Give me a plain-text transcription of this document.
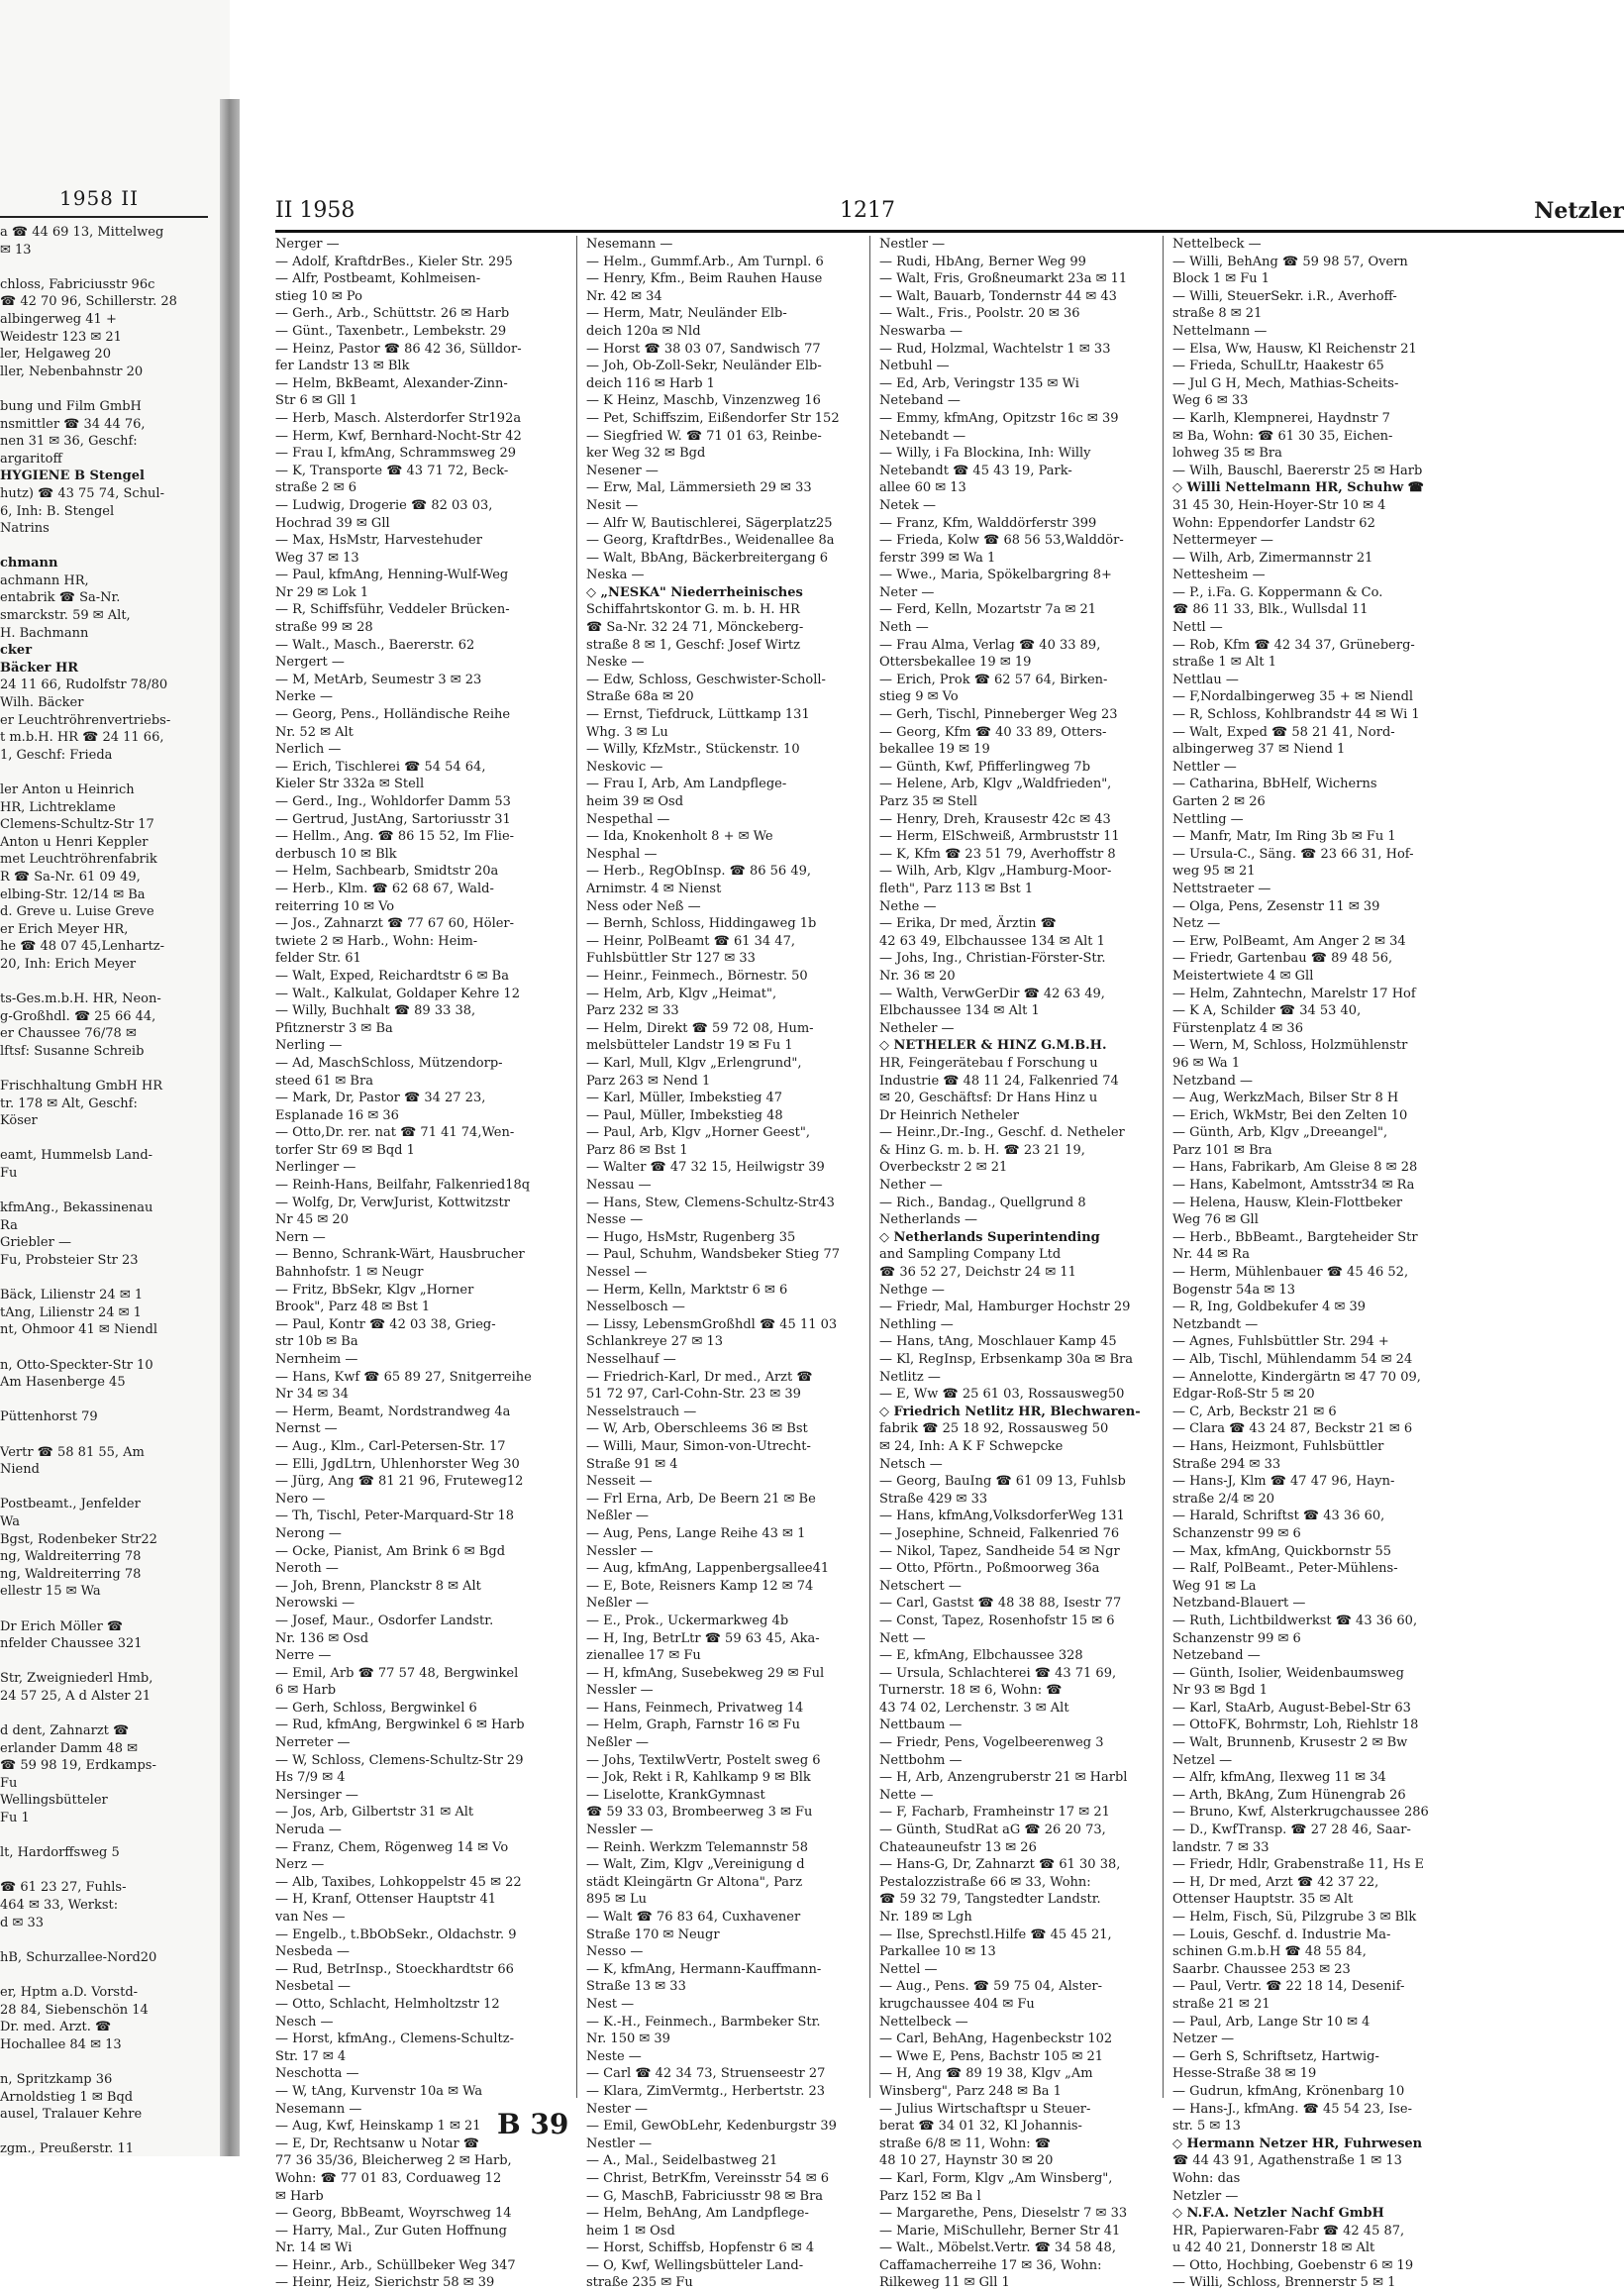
1958 II
a ☎ 44 69 13, Mittelweg
✉ 13

chloss, Fabriciusstr 96c
☎ 42 70 96, Schillerstr. 28
albingerweg 41 +
Weidestr 123 ✉ 21
ler, Helgaweg 20
ller, Nebenbahnstr 20

bung und Film GmbH
nsmittler ☎ 34 44 76,
nen 31 ✉ 36, Geschf:
argaritoff
HYGIENE B Stengel
hutz) ☎ 43 75 74, Schul-
6, Inh: B. Stengel
Natrins

chmann
achmann HR,
entabrik ☎ Sa-Nr.
smarckstr. 59 ✉ Alt,
H. Bachmann
cker
Bäcker HR
24 11 66, Rudolfstr 78/80
Wilh. Bäcker
er Leuchtröhrenvertriebs-
t m.b.H. HR ☎ 24 11 66,
1, Geschf: Frieda

ler Anton u Heinrich
HR, Lichtreklame
Clemens-Schultz-Str 17
Anton u Henri Keppler
met Leuchtröhrenfabrik
R ☎ Sa-Nr. 61 09 49,
elbing-Str. 12/14 ✉ Ba
d. Greve u. Luise Greve
er Erich Meyer HR,
he ☎ 48 07 45,Lenhartz-
20, Inh: Erich Meyer

ts-Ges.m.b.H. HR, Neon-
g-Großhdl. ☎ 25 66 44,
er Chaussee 76/78 ✉
lftsf: Susanne Schreib

Frischhaltung GmbH HR
tr. 178 ✉ Alt, Geschf:
Köser

eamt, Hummelsb Land-
Fu

kfmAng., Bekassinenau
Ra
Griebler —
Fu, Probsteier Str 23

Bäck, Lilienstr 24 ✉ 1
tAng, Lilienstr 24 ✉ 1
nt, Ohmoor 41 ✉ Niendl

n, Otto-Speckter-Str 10
Am Hasenberge 45

Püttenhorst 79

Vertr ☎ 58 81 55, Am
Niend

Postbeamt., Jenfelder
Wa
Bgst, Rodenbeker Str22
ng, Waldreiterring 78
ng, Waldreiterring 78
ellestr 15 ✉ Wa

Dr Erich Möller ☎
nfelder Chaussee 321

Str, Zweigniederl Hmb,
24 57 25, A d Alster 21

d dent, Zahnarzt ☎
erlander Damm 48 ✉
☎ 59 98 19, Erdkamps-
Fu
Wellingsbütteler
Fu 1

lt, Hardorffsweg 5

☎ 61 23 27, Fuhls-
464 ✉ 33, Werkst:
d ✉ 33

hB, Schurzallee-Nord20

er, Hptm a.D. Vorstd-
28 84, Siebenschön 14
Dr. med. Arzt. ☎
Hochallee 84 ✉ 13

n, Spritzkamp 36
Arnoldstieg 1 ✉ Bqd
ausel, Tralauer Kehre

zgm., Preußerstr. 11
II 1958	1217	Netzler
Nerger —
— Adolf, KraftdrBes., Kieler Str. 295
— Alfr, Postbeamt, Kohlmeisen-
stieg 10 ✉ Po
— Gerh., Arb., Schüttstr. 26 ✉ Harb
— Günt., Taxenbetr., Lembekstr. 29
— Heinz, Pastor ☎ 86 42 36, Sülldor-
fer Landstr 13 ✉ Blk
— Helm, BkBeamt, Alexander-Zinn-
Str 6 ✉ Gll 1
— Herb, Masch. Alsterdorfer Str192a
— Herm, Kwf, Bernhard-Nocht-Str 42
— Frau I, kfmAng, Schrammsweg 29
— K, Transporte ☎ 43 71 72, Beck-
straße 2 ✉ 6
— Ludwig, Drogerie ☎ 82 03 03,
Hochrad 39 ✉ Gll
— Max, HsMstr, Harvestehuder
Weg 37 ✉ 13
— Paul, kfmAng, Henning-Wulf-Weg
Nr 29 ✉ Lok 1
— R, Schiffsführ, Veddeler Brücken-
straße 99 ✉ 28
— Walt., Masch., Baererstr. 62
Nergert —
— M, MetArb, Seumestr 3 ✉ 23
Nerke —
— Georg, Pens., Holländische Reihe
Nr. 52 ✉ Alt
Nerlich —
— Erich, Tischlerei ☎ 54 54 64,
Kieler Str 332a ✉ Stell
— Gerd., Ing., Wohldorfer Damm 53
— Gertrud, JustAng, Sartoriusstr 31
— Hellm., Ang. ☎ 86 15 52, Im Flie-
derbusch 10 ✉ Blk
— Helm, Sachbearb, Smidtstr 20a
— Herb., Klm. ☎ 62 68 67, Wald-
reiterring 10 ✉ Vo
— Jos., Zahnarzt ☎ 77 67 60, Höler-
twiete 2 ✉ Harb., Wohn: Heim-
felder Str. 61
— Walt, Exped, Reichardtstr 6 ✉ Ba
— Walt., Kalkulat, Goldaper Kehre 12
— Willy, Buchhalt ☎ 89 33 38,
Pfitznerstr 3 ✉ Ba
Nerling —
— Ad, MaschSchloss, Mützendorp-
steed 61 ✉ Bra
— Mark, Dr, Pastor ☎ 34 27 23,
Esplanade 16 ✉ 36
— Otto,Dr. rer. nat ☎ 71 41 74,Wen-
torfer Str 69 ✉ Bqd 1
Nerlinger —
— Reinh-Hans, Beilfahr, Falkenried18q
— Wolfg, Dr, VerwJurist, Kottwitzstr
Nr 45 ✉ 20
Nern —
— Benno, Schrank-Wärt, Hausbrucher
Bahnhofstr. 1 ✉ Neugr
— Fritz, BbSekr, Klgv „Horner
Brook", Parz 48 ✉ Bst 1
— Paul, Kontr ☎ 42 03 38, Grieg-
str 10b ✉ Ba
Nernheim —
— Hans, Kwf ☎ 65 89 27, Snitgerreihe
Nr 34 ✉ 34
— Herm, Beamt, Nordstrandweg 4a
Nernst —
— Aug., Klm., Carl-Petersen-Str. 17
— Elli, JgdLtrn, Uhlenhorster Weg 30
— Jürg, Ang ☎ 81 21 96, Fruteweg12
Nero —
— Th, Tischl, Peter-Marquard-Str 18
Nerong —
— Ocke, Pianist, Am Brink 6 ✉ Bgd
Neroth —
— Joh, Brenn, Planckstr 8 ✉ Alt
Nerowski —
— Josef, Maur., Osdorfer Landstr.
Nr. 136 ✉ Osd
Nerre —
— Emil, Arb ☎ 77 57 48, Bergwinkel
6 ✉ Harb
— Gerh, Schloss, Bergwinkel 6
— Rud, kfmAng, Bergwinkel 6 ✉ Harb
Nerreter —
— W, Schloss, Clemens-Schultz-Str 29
Hs 7/9 ✉ 4
Nersinger —
— Jos, Arb, Gilbertstr 31 ✉ Alt
Neruda —
— Franz, Chem, Rögenweg 14 ✉ Vo
Nerz —
— Alb, Taxibes, Lohkoppelstr 45 ✉ 22
— H, Kranf, Ottenser Hauptstr 41
van Nes —
— Engelb., t.BbObSekr., Oldachstr. 9
Nesbeda —
— Rud, BetrInsp., Stoeckhardtstr 66
Nesbetal —
— Otto, Schlacht, Helmholtzstr 12
Nesch —
— Horst, kfmAng., Clemens-Schultz-
Str. 17 ✉ 4
Neschotta —
— W, tAng, Kurvenstr 10a ✉ Wa
Nesemann —
— Aug, Kwf, Heinskamp 1 ✉ 21
— E, Dr, Rechtsanw u Notar ☎
77 36 35/36, Bleicherweg 2 ✉ Harb,
Wohn: ☎ 77 01 83, Corduaweg 12
✉ Harb
— Georg, BbBeamt, Woyrschweg 14
— Harry, Mal., Zur Guten Hoffnung
Nr. 14 ✉ Wi
— Heinr., Arb., Schüllbeker Weg 347
— Heinr, Heiz, Sierichstr 58 ✉ 39
Nesemann —
— Helm., Gummf.Arb., Am Turnpl. 6
— Henry, Kfm., Beim Rauhen Hause
Nr. 42 ✉ 34
— Herm, Matr, Neuländer Elb-
deich 120a ✉ Nld
— Horst ☎ 38 03 07, Sandwisch 77
— Joh, Ob-Zoll-Sekr, Neuländer Elb-
deich 116 ✉ Harb 1
— K Heinz, Maschb, Vinzenzweg 16
— Pet, Schiffszim, Eißendorfer Str 152
— Siegfried W. ☎ 71 01 63, Reinbe-
ker Weg 32 ✉ Bgd
Nesener —
— Erw, Mal, Lämmersieth 29 ✉ 33
Nesit —
— Alfr W, Bautischlerei, Sägerplatz25
— Georg, KraftdrBes., Weidenallee 8a
— Walt, BbAng, Bäckerbreitergang 6
Neska —
◇ „NESKA" Niederrheinisches
Schiffahrtskontor G. m. b. H. HR
☎ Sa-Nr. 32 24 71, Mönckeberg-
straße 8 ✉ 1, Geschf: Josef Wirtz
Neske —
— Edw, Schloss, Geschwister-Scholl-
Straße 68a ✉ 20
— Ernst, Tiefdruck, Lüttkamp 131
Whg. 3 ✉ Lu
— Willy, KfzMstr., Stückenstr. 10
Neskovic —
— Frau I, Arb, Am Landpflege-
heim 39 ✉ Osd
Nespethal —
— Ida, Knokenholt 8 + ✉ We
Nesphal —
— Herb., RegObInsp. ☎ 86 56 49,
Arnimstr. 4 ✉ Nienst
Ness oder Neß —
— Bernh, Schloss, Hiddingaweg 1b
— Heinr, PolBeamt ☎ 61 34 47,
Fuhlsbüttler Str 127 ✉ 33
— Heinr., Feinmech., Börnestr. 50
— Helm, Arb, Klgv „Heimat",
Parz 232 ✉ 33
— Helm, Direkt ☎ 59 72 08, Hum-
melsbütteler Landstr 19 ✉ Fu 1
— Karl, Mull, Klgv „Erlengrund",
Parz 263 ✉ Nend 1
— Karl, Müller, Imbekstieg 47
— Paul, Müller, Imbekstieg 48
— Paul, Arb, Klgv „Horner Geest",
Parz 86 ✉ Bst 1
— Walter ☎ 47 32 15, Heilwigstr 39
Nessau —
— Hans, Stew, Clemens-Schultz-Str43
Nesse —
— Hugo, HsMstr, Rugenberg 35
— Paul, Schuhm, Wandsbeker Stieg 77
Nessel —
— Herm, Kelln, Marktstr 6 ✉ 6
Nesselbosch —
— Lissy, LebensmGroßhdl ☎ 45 11 03
Schlankreye 27 ✉ 13
Nesselhauf —
— Friedrich-Karl, Dr med., Arzt ☎
51 72 97, Carl-Cohn-Str. 23 ✉ 39
Nesselstrauch —
— W, Arb, Oberschleems 36 ✉ Bst
— Willi, Maur, Simon-von-Utrecht-
Straße 91 ✉ 4
Nesseit —
— Frl Erna, Arb, De Beern 21 ✉ Be
Neßler —
— Aug, Pens, Lange Reihe 43 ✉ 1
Nessler —
— Aug, kfmAng, Lappenbergsallee41
— E, Bote, Reisners Kamp 12 ✉ 74
Neßler —
— E., Prok., Uckermarkweg 4b
— H, Ing, BetrLtr ☎ 59 63 45, Aka-
zienallee 17 ✉ Fu
— H, kfmAng, Susebekweg 29 ✉ Ful
Nessler —
— Hans, Feinmech, Privatweg 14
— Helm, Graph, Farnstr 16 ✉ Fu
Neßler —
— Johs, TextilwVertr, Postelt sweg 6
— Jok, Rekt i R, Kahlkamp 9 ✉ Blk
— Liselotte, KrankGymnast
☎ 59 33 03, Brombeerweg 3 ✉ Fu
Nessler —
— Reinh. Werkzm Telemannstr 58
— Walt, Zim, Klgv „Vereinigung d
städt Kleingärtn Gr Altona", Parz
895 ✉ Lu
— Walt ☎ 76 83 64, Cuxhavener
Straße 170 ✉ Neugr
Nesso —
— K, kfmAng, Hermann-Kauffmann-
Straße 13 ✉ 33
Nest —
— K.-H., Feinmech., Barmbeker Str.
Nr. 150 ✉ 39
Neste —
— Carl ☎ 42 34 73, Struenseestr 27
— Klara, ZimVermtg., Herbertstr. 23
Nester —
— Emil, GewObLehr, Kedenburgstr 39
Nestler —
— A., Mal., Seidelbastweg 21
— Christ, BetrKfm, Vereinsstr 54 ✉ 6
— G, MaschB, Fabriciusstr 98 ✉ Bra
— Helm, BehAng, Am Landpflege-
heim 1 ✉ Osd
— Horst, Schiffsb, Hopfenstr 6 ✉ 4
— O, Kwf, Wellingsbütteler Land-
straße 235 ✉ Fu
Nestler —
— Rudi, HbAng, Berner Weg 99
— Walt, Fris, Großneumarkt 23a ✉ 11
— Walt, Bauarb, Tondernstr 44 ✉ 43
— Walt., Fris., Poolstr. 20 ✉ 36
Neswarba —
— Rud, Holzmal, Wachtelstr 1 ✉ 33
Netbuhl —
— Ed, Arb, Veringstr 135 ✉ Wi
Neteband —
— Emmy, kfmAng, Opitzstr 16c ✉ 39
Netebandt —
— Willy, i Fa Blockina, Inh: Willy
Netebandt ☎ 45 43 19, Park-
allee 60 ✉ 13
Netek —
— Franz, Kfm, Walddörferstr 399
— Frieda, Kolw ☎ 68 56 53,Walddör-
ferstr 399 ✉ Wa 1
— Wwe., Maria, Spökelbargring 8+
Neter —
— Ferd, Kelln, Mozartstr 7a ✉ 21
Neth —
— Frau Alma, Verlag ☎ 40 33 89,
Ottersbekallee 19 ✉ 19
— Erich, Prok ☎ 62 57 64, Birken-
stieg 9 ✉ Vo
— Gerh, Tischl, Pinneberger Weg 23
— Georg, Kfm ☎ 40 33 89, Otters-
bekallee 19 ✉ 19
— Günth, Kwf, Pfifferlingweg 7b
— Helene, Arb, Klgv „Waldfrieden",
Parz 35 ✉ Stell
— Henry, Dreh, Krausestr 42c ✉ 43
— Herm, ElSchweiß, Armbruststr 11
— K, Kfm ☎ 23 51 79, Averhoffstr 8
— Wilh, Arb, Klgv „Hamburg-Moor-
fleth", Parz 113 ✉ Bst 1
Nethe —
— Erika, Dr med, Ärztin ☎
42 63 49, Elbchaussee 134 ✉ Alt 1
— Johs, Ing., Christian-Förster-Str.
Nr. 36 ✉ 20
— Walth, VerwGerDir ☎ 42 63 49,
Elbchaussee 134 ✉ Alt 1
Netheler —
◇ NETHELER & HINZ G.M.B.H.
HR, Feingerätebau f Forschung u
Industrie ☎ 48 11 24, Falkenried 74
✉ 20, Geschäftsf: Dr Hans Hinz u
Dr Heinrich Netheler
— Heinr.,Dr.-Ing., Geschf. d. Netheler
& Hinz G. m. b. H. ☎ 23 21 19,
Overbeckstr 2 ✉ 21
Nether —
— Rich., Bandag., Quellgrund 8
Netherlands —
◇ Netherlands Superintending
and Sampling Company Ltd
☎ 36 52 27, Deichstr 24 ✉ 11
Nethge —
— Friedr, Mal, Hamburger Hochstr 29
Nethling —
— Hans, tAng, Moschlauer Kamp 45
— Kl, RegInsp, Erbsenkamp 30a ✉ Bra
Netlitz —
— E, Ww ☎ 25 61 03, Rossausweg50
◇ Friedrich Netlitz HR, Blechwaren-
fabrik ☎ 25 18 92, Rossausweg 50
✉ 24, Inh: A K F Schwepcke
Netsch —
— Georg, BauIng ☎ 61 09 13, Fuhlsb
Straße 429 ✉ 33
— Hans, kfmAng,VolksdorferWeg 131
— Josephine, Schneid, Falkenried 76
— Nikol, Tapez, Sandheide 54 ✉ Ngr
— Otto, Pförtn., Poßmoorweg 36a
Netschert —
— Carl, Gastst ☎ 48 38 88, Isestr 77
— Const, Tapez, Rosenhofstr 15 ✉ 6
Nett —
— E, kfmAng, Elbchaussee 328
— Ursula, Schlachterei ☎ 43 71 69,
Turnerstr. 18 ✉ 6, Wohn: ☎
43 74 02, Lerchenstr. 3 ✉ Alt
Nettbaum —
— Friedr, Pens, Vogelbeerenweg 3
Nettbohm —
— H, Arb, Anzengruberstr 21 ✉ Harbl
Nette —
— F, Facharb, Framheinstr 17 ✉ 21
— Günth, StudRat aG ☎ 26 20 73,
Chateauneufstr 13 ✉ 26
— Hans-G, Dr, Zahnarzt ☎ 61 30 38,
Pestalozzistraße 66 ✉ 33, Wohn:
☎ 59 32 79, Tangstedter Landstr.
Nr. 189 ✉ Lgh
— Ilse, Sprechstl.Hilfe ☎ 45 45 21,
Parkallee 10 ✉ 13
Nettel —
— Aug., Pens. ☎ 59 75 04, Alster-
krugchaussee 404 ✉ Fu
Nettelbeck —
— Carl, BehAng, Hagenbeckstr 102
— Wwe E, Pens, Bachstr 105 ✉ 21
— H, Ang ☎ 89 19 38, Klgv „Am
Winsberg", Parz 248 ✉ Ba 1
— Julius Wirtschaftspr u Steuer-
berat ☎ 34 01 32, Kl Johannis-
straße 6/8 ✉ 11, Wohn: ☎
48 10 27, Haynstr 30 ✉ 20
— Karl, Form, Klgv „Am Winsberg",
Parz 152 ✉ Ba l
— Margarethe, Pens, Dieselstr 7 ✉ 33
— Marie, MiSchullehr, Berner Str 41
— Walt., Möbelst.Vertr. ☎ 34 58 48,
Caffamacherreihe 17 ✉ 36, Wohn:
Rilkeweg 11 ✉ Gll 1
Nettelbeck —
— Willi, BehAng ☎ 59 98 57, Overn
Block 1 ✉ Fu 1
— Willi, SteuerSekr. i.R., Averhoff-
straße 8 ✉ 21
Nettelmann —
— Elsa, Ww, Hausw, Kl Reichenstr 21
— Frieda, SchulLtr, Haakestr 65
— Jul G H, Mech, Mathias-Scheits-
Weg 6 ✉ 33
— Karlh, Klempnerei, Haydnstr 7
✉ Ba, Wohn: ☎ 61 30 35, Eichen-
lohweg 35 ✉ Bra
— Wilh, Bauschl, Baererstr 25 ✉ Harb
◇ Willi Nettelmann HR, Schuhw ☎
31 45 30, Hein-Hoyer-Str 10 ✉ 4
Wohn: Eppendorfer Landstr 62
Nettermeyer —
— Wilh, Arb, Zimermannstr 21
Nettesheim —
— P., i.Fa. G. Koppermann & Co.
☎ 86 11 33, Blk., Wullsdal 11
Nettl —
— Rob, Kfm ☎ 42 34 37, Grüneberg-
straße 1 ✉ Alt 1
Nettlau —
— F,Nordalbingerweg 35 + ✉ Niendl
— R, Schloss, Kohlbrandstr 44 ✉ Wi 1
— Walt, Exped ☎ 58 21 41, Nord-
albingerweg 37 ✉ Niend 1
Nettler —
— Catharina, BbHelf, Wicherns
Garten 2 ✉ 26
Nettling —
— Manfr, Matr, Im Ring 3b ✉ Fu 1
— Ursula-C., Säng. ☎ 23 66 31, Hof-
weg 95 ✉ 21
Nettstraeter —
— Olga, Pens, Zesenstr 11 ✉ 39
Netz —
— Erw, PolBeamt, Am Anger 2 ✉ 34
— Friedr, Gartenbau ☎ 89 48 56,
Meistertwiete 4 ✉ Gll
— Helm, Zahntechn, Marelstr 17 Hof
— K A, Schilder ☎ 34 53 40,
Fürstenplatz 4 ✉ 36
— Wern, M, Schloss, Holzmühlenstr
96 ✉ Wa 1
Netzband —
— Aug, WerkzMach, Bilser Str 8 H
— Erich, WkMstr, Bei den Zelten 10
— Günth, Arb, Klgv „Dreeangel",
Parz 101 ✉ Bra
— Hans, Fabrikarb, Am Gleise 8 ✉ 28
— Hans, Kabelmont, Amtsstr34 ✉ Ra
— Helena, Hausw, Klein-Flottbeker
Weg 76 ✉ Gll
— Herb., BbBeamt., Bargteheider Str
Nr. 44 ✉ Ra
— Herm, Mühlenbauer ☎ 45 46 52,
Bogenstr 54a ✉ 13
— R, Ing, Goldbekufer 4 ✉ 39
Netzbandt —
— Agnes, Fuhlsbüttler Str. 294 +
— Alb, Tischl, Mühlendamm 54 ✉ 24
— Annelotte, Kindergärtn ✉ 47 70 09,
Edgar-Roß-Str 5 ✉ 20
— C, Arb, Beckstr 21 ✉ 6
— Clara ☎ 43 24 87, Beckstr 21 ✉ 6
— Hans, Heizmont, Fuhlsbüttler
Straße 294 ✉ 33
— Hans-J, Klm ☎ 47 47 96, Hayn-
straße 2/4 ✉ 20
— Harald, Schriftst ☎ 43 36 60,
Schanzenstr 99 ✉ 6
— Max, kfmAng, Quickbornstr 55
— Ralf, PolBeamt., Peter-Mühlens-
Weg 91 ✉ La
Netzband-Blauert —
— Ruth, Lichtbildwerkst ☎ 43 36 60,
Schanzenstr 99 ✉ 6
Netzeband —
— Günth, Isolier, Weidenbaumsweg
Nr 93 ✉ Bgd 1
— Karl, StaArb, August-Bebel-Str 63
— OttoFK, Bohrmstr, Loh, Riehlstr 18
— Walt, Brunnenb, Krusestr 2 ✉ Bw
Netzel —
— Alfr, kfmAng, Ilexweg 11 ✉ 34
— Arth, BkAng, Zum Hünengrab 26
— Bruno, Kwf, Alsterkrugchaussee 286
— D., KwfTransp. ☎ 27 28 46, Saar-
landstr. 7 ✉ 33
— Friedr, Hdlr, Grabenstraße 11, Hs E
— H, Dr med, Arzt ☎ 42 37 22,
Ottenser Hauptstr. 35 ✉ Alt
— Helm, Fisch, Sü, Pilzgrube 3 ✉ Blk
— Louis, Geschf. d. Industrie Ma-
schinen G.m.b.H ☎ 48 55 84,
Saarbr. Chaussee 253 ✉ 23
— Paul, Vertr. ☎ 22 18 14, Desenif-
straße 21 ✉ 21
— Paul, Arb, Lange Str 10 ✉ 4
Netzer —
— Gerh S, Schriftsetz, Hartwig-
Hesse-Straße 38 ✉ 19
— Gudrun, kfmAng, Krönenbarg 10
— Hans-J., kfmAng. ☎ 45 54 23, Ise-
str. 5 ✉ 13
◇ Hermann Netzer HR, Fuhrwesen
☎ 44 43 91, Agathenstraße 1 ✉ 13
Wohn: das
Netzler —
◇ N.F.A. Netzler Nachf GmbH
HR, Papierwaren-Fabr ☎ 42 45 87,
u 42 40 21, Donnerstr 18 ✉ Alt
— Otto, Hochbing, Goebenstr 6 ✉ 19
— Willi, Schloss, Brennerstr 5 ✉ 1
B 39
